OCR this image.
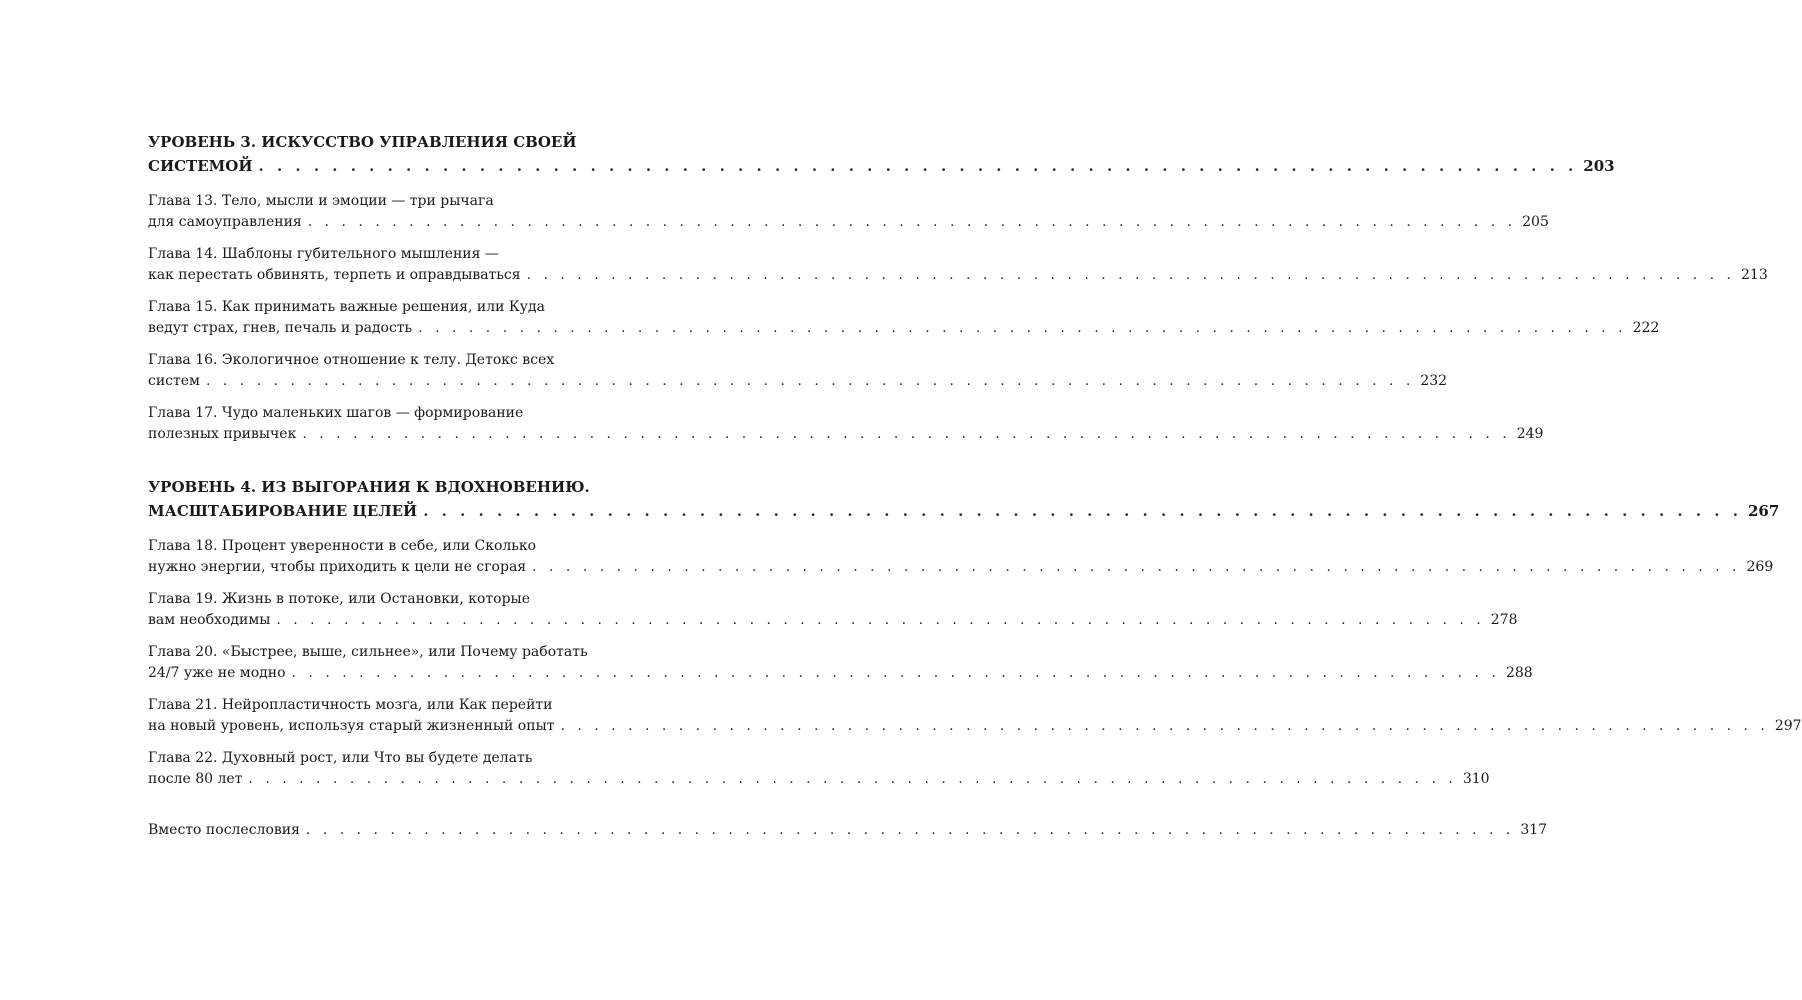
УРОВЕНЬ 3. ИСКУССТВО УПРАВЛЕНИЯ СВОЕЙ
СИСТЕМОЙ . . . . . . . . . . . . . . . . . . . . . . . . . . . . . . . . . . . . . . . . . . . . . . . . . . . . . . . . . . . . . . . . . . . . . . . . 203
Глава 13. Тело, мысли и эмоции — три рычага
для самоуправления . . . . . . . . . . . . . . . . . . . . . . . . . . . . . . . . . . . . . . . . . . . . . . . . . . . . . . . . . . . . . . . . . . . . . . . . 205
Глава 14. Шаблоны губительного мышления —
как перестать обвинять, терпеть и оправдываться . . . . . . . . . . . . . . . . . . . . . . . . . . . . . . . . . . . . . . . . . . . . . . . . . . . . . . . . . . . . . . . . . . . . . . . . 213
Глава 15. Как принимать важные решения, или Куда
ведут страх, гнев, печаль и радость . . . . . . . . . . . . . . . . . . . . . . . . . . . . . . . . . . . . . . . . . . . . . . . . . . . . . . . . . . . . . . . . . . . . . . . . 222
Глава 16. Экологичное отношение к телу. Детокс всех
систем . . . . . . . . . . . . . . . . . . . . . . . . . . . . . . . . . . . . . . . . . . . . . . . . . . . . . . . . . . . . . . . . . . . . . . . . 232
Глава 17. Чудо маленьких шагов — формирование
полезных привычек . . . . . . . . . . . . . . . . . . . . . . . . . . . . . . . . . . . . . . . . . . . . . . . . . . . . . . . . . . . . . . . . . . . . . . . . 249
УРОВЕНЬ 4. ИЗ ВЫГОРАНИЯ К ВДОХНОВЕНИЮ.
МАСШТАБИРОВАНИЕ ЦЕЛЕЙ . . . . . . . . . . . . . . . . . . . . . . . . . . . . . . . . . . . . . . . . . . . . . . . . . . . . . . . . . . . . . . . . . . . . . . . . 267
Глава 18. Процент уверенности в себе, или Сколько
нужно энергии, чтобы приходить к цели не сгорая . . . . . . . . . . . . . . . . . . . . . . . . . . . . . . . . . . . . . . . . . . . . . . . . . . . . . . . . . . . . . . . . . . . . . . . . 269
Глава 19. Жизнь в потоке, или Остановки, которые
вам необходимы . . . . . . . . . . . . . . . . . . . . . . . . . . . . . . . . . . . . . . . . . . . . . . . . . . . . . . . . . . . . . . . . . . . . . . . . 278
Глава 20. «Быстрее, выше, сильнее», или Почему работать
24/7 уже не модно . . . . . . . . . . . . . . . . . . . . . . . . . . . . . . . . . . . . . . . . . . . . . . . . . . . . . . . . . . . . . . . . . . . . . . . . 288
Глава 21. Нейропластичность мозга, или Как перейти
на новый уровень, используя старый жизненный опыт . . . . . . . . . . . . . . . . . . . . . . . . . . . . . . . . . . . . . . . . . . . . . . . . . . . . . . . . . . . . . . . . . . . . . . . . 297
Глава 22. Духовный рост, или Что вы будете делать
после 80 лет . . . . . . . . . . . . . . . . . . . . . . . . . . . . . . . . . . . . . . . . . . . . . . . . . . . . . . . . . . . . . . . . . . . . . . . . 310
Вместо послесловия . . . . . . . . . . . . . . . . . . . . . . . . . . . . . . . . . . . . . . . . . . . . . . . . . . . . . . . . . . . . . . . . . . . . . . . . 317
